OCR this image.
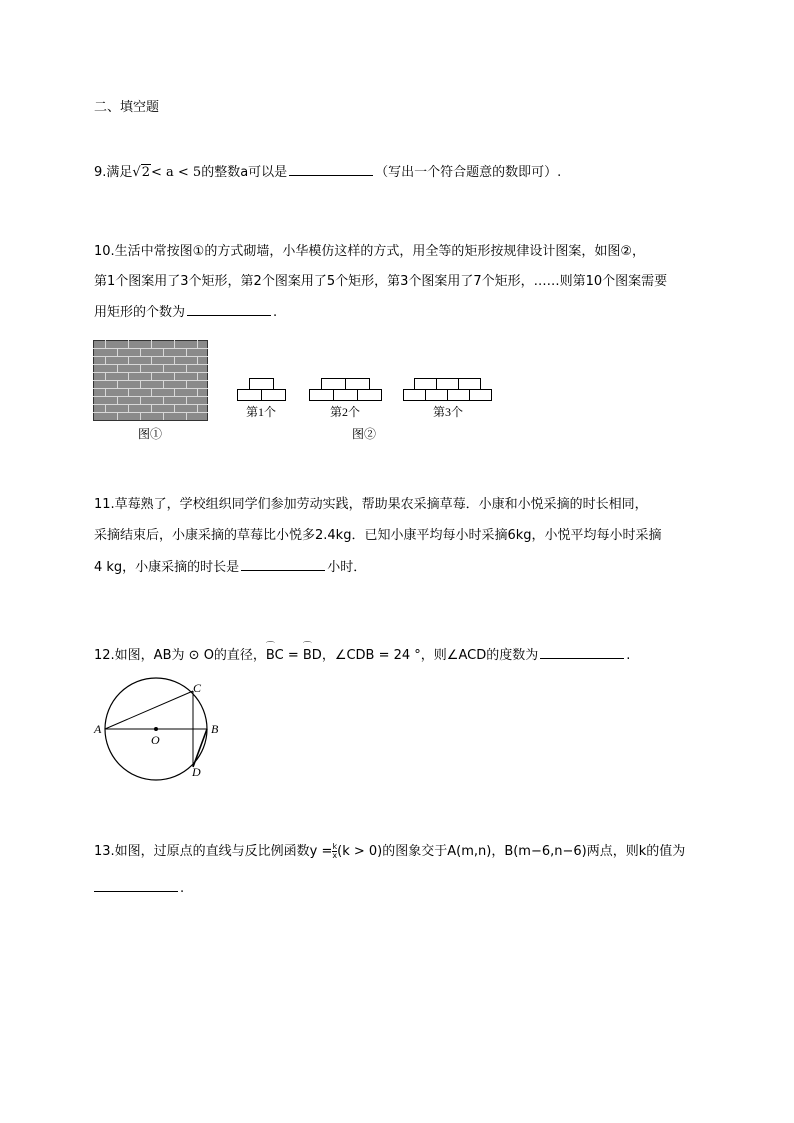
二、填空题
9.满足√2< a < 5的整数a可以是	（写出一个符合题意的数即可）.
10.生活中常按图①的方式砌墙，小华模仿这样的方式，用全等的矩形按规律设计图案，如图②，
第1个图案用了3个矩形，第2个图案用了5个矩形，第3个图案用了7个矩形，……则第10个图案需要
用矩形的个数为	.
图①
第1个	第2个	第3个
图②
11.草莓熟了，学校组织同学们参加劳动实践，帮助果农采摘草莓．小康和小悦采摘的时长相同，
采摘结束后，小康采摘的草莓比小悦多2.4kg．已知小康平均每小时采摘6kg，小悦平均每小时采摘
4 kg，小康采摘的时长是	小时．
12.如图，AB为 ⊙ O的直径，⌒ BC = ⌒ BD，∠CDB = 24 °，则∠ACD的度数为	.
A	B
C
D
O
13.如图，过原点的直线与反比例函数$y = \frac{k}{x} (k > 0)$的图象交于A(m,n)，B(m−6,n−6)两点，则k的值为
.
